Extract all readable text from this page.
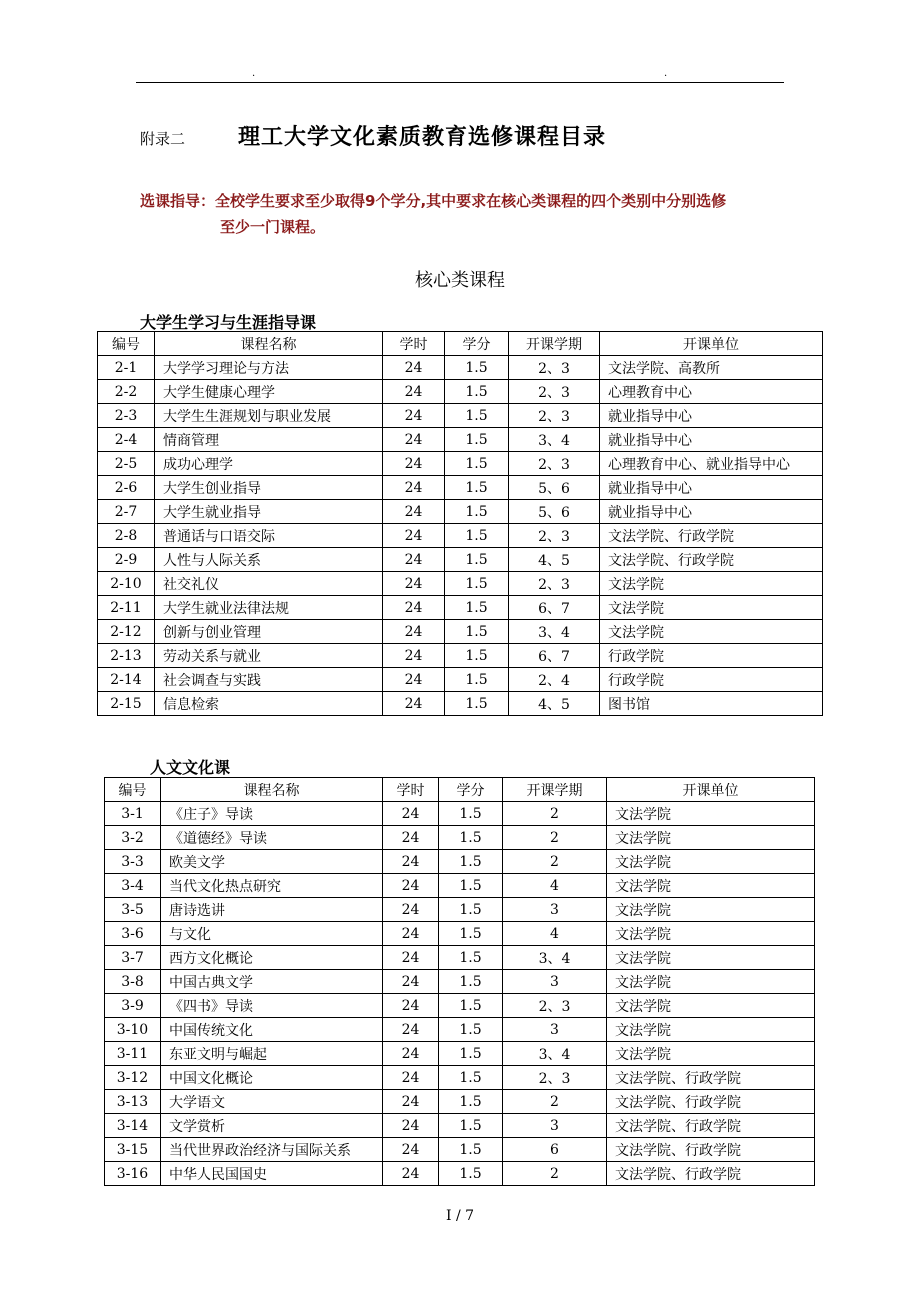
.	.
附录二 理工大学文化素质教育选修课程目录
选课指导：全校学生要求至少取得9个学分,其中要求在核心类课程的四个类别中分别选修
至少一门课程。
核心类课程
大学生学习与生涯指导课
编号	课程名称	学时	学分	开课学期	开课单位
2-1	大学学习理论与方法	24	1.5	2、3	文法学院、高教所
2-2	大学生健康心理学	24	1.5	2、3	心理教育中心
2-3	大学生生涯规划与职业发展	24	1.5	2、3	就业指导中心
2-4	情商管理	24	1.5	3、4	就业指导中心
2-5	成功心理学	24	1.5	2、3	心理教育中心、就业指导中心
2-6	大学生创业指导	24	1.5	5、6	就业指导中心
2-7	大学生就业指导	24	1.5	5、6	就业指导中心
2-8	普通话与口语交际	24	1.5	2、3	文法学院、行政学院
2-9	人性与人际关系	24	1.5	4、5	文法学院、行政学院
2-10	社交礼仪	24	1.5	2、3	文法学院
2-11	大学生就业法律法规	24	1.5	6、7	文法学院
2-12	创新与创业管理	24	1.5	3、4	文法学院
2-13	劳动关系与就业	24	1.5	6、7	行政学院
2-14	社会调查与实践	24	1.5	2、4	行政学院
2-15	信息检索	24	1.5	4、5	图书馆
人文文化课
编号	课程名称	学时	学分	开课学期	开课单位
3-1	《庄子》导读	24	1.5	2	文法学院
3-2	《道德经》导读	24	1.5	2	文法学院
3-3	欧美文学	24	1.5	2	文法学院
3-4	当代文化热点研究	24	1.5	4	文法学院
3-5	唐诗选讲	24	1.5	3	文法学院
3-6	与文化	24	1.5	4	文法学院
3-7	西方文化概论	24	1.5	3、4	文法学院
3-8	中国古典文学	24	1.5	3	文法学院
3-9	《四书》导读	24	1.5	2、3	文法学院
3-10	中国传统文化	24	1.5	3	文法学院
3-11	东亚文明与崛起	24	1.5	3、4	文法学院
3-12	中国文化概论	24	1.5	2、3	文法学院、行政学院
3-13	大学语文	24	1.5	2	文法学院、行政学院
3-14	文学赏析	24	1.5	3	文法学院、行政学院
3-15	当代世界政治经济与国际关系	24	1.5	6	文法学院、行政学院
3-16	中华人民国国史	24	1.5	2	文法学院、行政学院
I / 7
